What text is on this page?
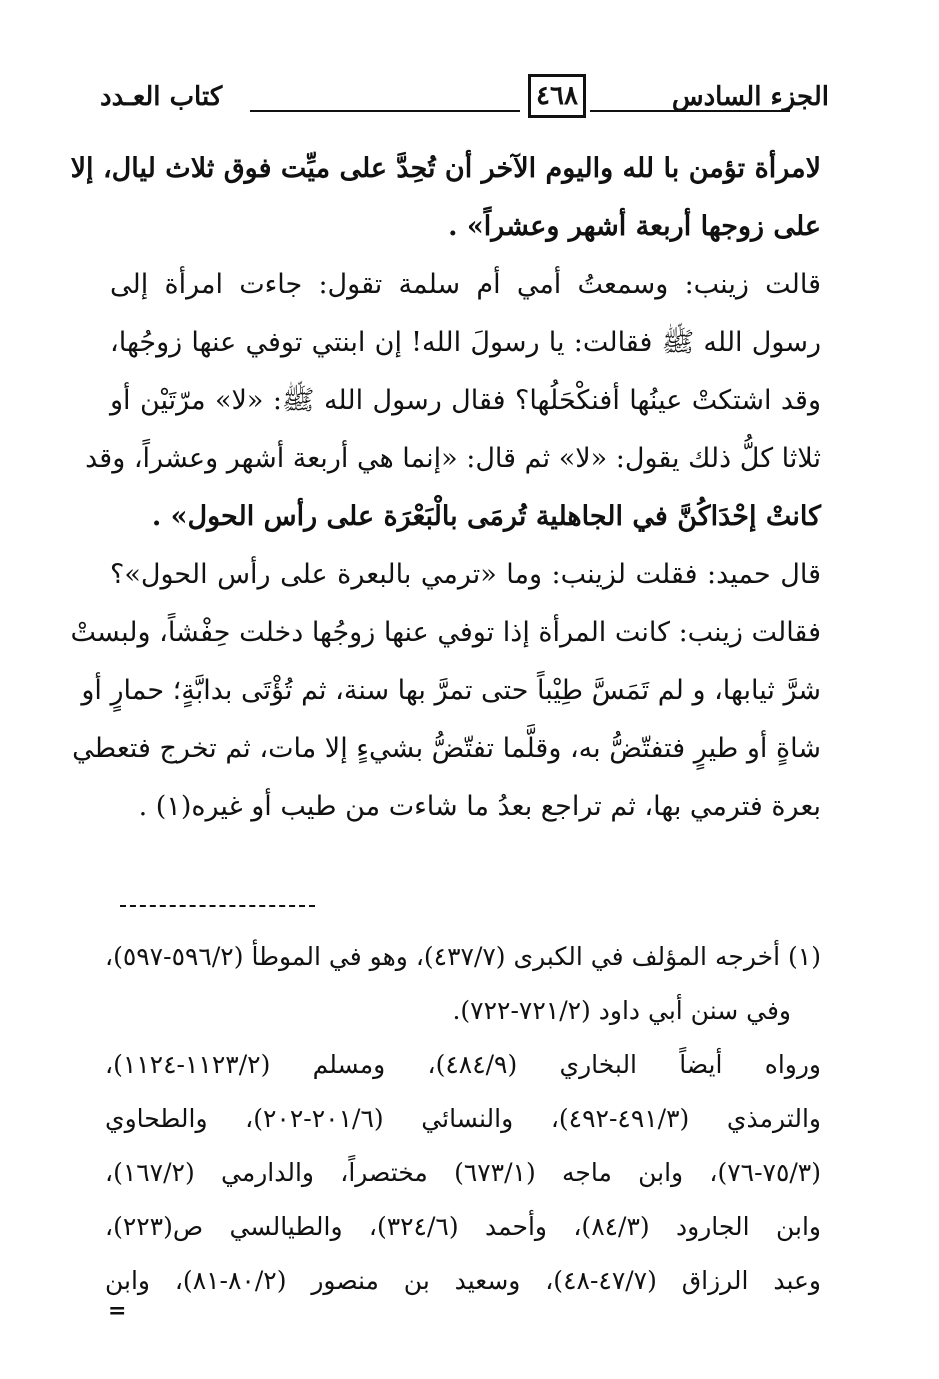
الجزء السادس
٤٦٨
كتاب العـدد
لامرأة تؤمن با لله واليوم الآخر أن تُحِدَّ على ميِّت فوق ثلاث ليال، إلا
على زوجها أربعة أشهر وعشراً» .
قالت زينب: وسمعتُ أمي أم سلمة تقول: جاءت امرأة إلى
رسول الله ﷺ فقالت: يا رسولَ الله! إن ابنتي توفي عنها زوجُها،
وقد اشتكتْ عينُها أفنكْحَلُها؟ فقال رسول الله ﷺ: «لا» مرّتَيْن أو
ثلاثا كلُّ ذلك يقول: «لا» ثم قال: «إنما هي أربعة أشهر وعشراً، وقد
كانتْ إحْدَاكُنَّ في الجاهلية تُرمَى بالْبَعْرَة على رأس الحول» .
قال حميد: فقلت لزينب: وما «ترمي بالبعرة على رأس الحول»؟
فقالت زينب: كانت المرأة إذا توفي عنها زوجُها دخلت حِفْشاً، ولبستْ
شرَّ ثيابها، و لم تَمَسَّ طِيْباً حتى تمرَّ بها سنة، ثم تُؤْتَى بدابَّةٍ؛ حمارٍ أو
شاةٍ أو طيرٍ فتفتّضُّ به، وقلَّما تفتّضُّ بشيءٍ إلا مات، ثم تخرج فتعطي
بعرة فترمي بها، ثم تراجع بعدُ ما شاءت من طيب أو غيره(١) .
(١) أخرجه المؤلف في الكبرى (٤٣٧/٧)، وهو في الموطأ (٥٩٦/٢-٥٩٧)،
وفي سنن أبي داود (٧٢١/٢-٧٢٢).
ورواه أيضاً البخاري (٤٨٤/٩)، ومسلم (١١٢٣/٢-١١٢٤)،
والترمذي (٤٩١/٣-٤٩٢)، والنسائي (٢٠١/٦-٢٠٢)، والطحاوي
(٧٥/٣-٧٦)، وابن ماجه (٦٧٣/١) مختصراً، والدارمي (١٦٧/٢)،
وابن الجارود (٨٤/٣)، وأحمد (٣٢٤/٦)، والطيالسي ص(٢٢٣)،
وعبد الرزاق (٤٧/٧-٤٨)، وسعيد بن منصور (٨٠/٢-٨١)، وابن
=
